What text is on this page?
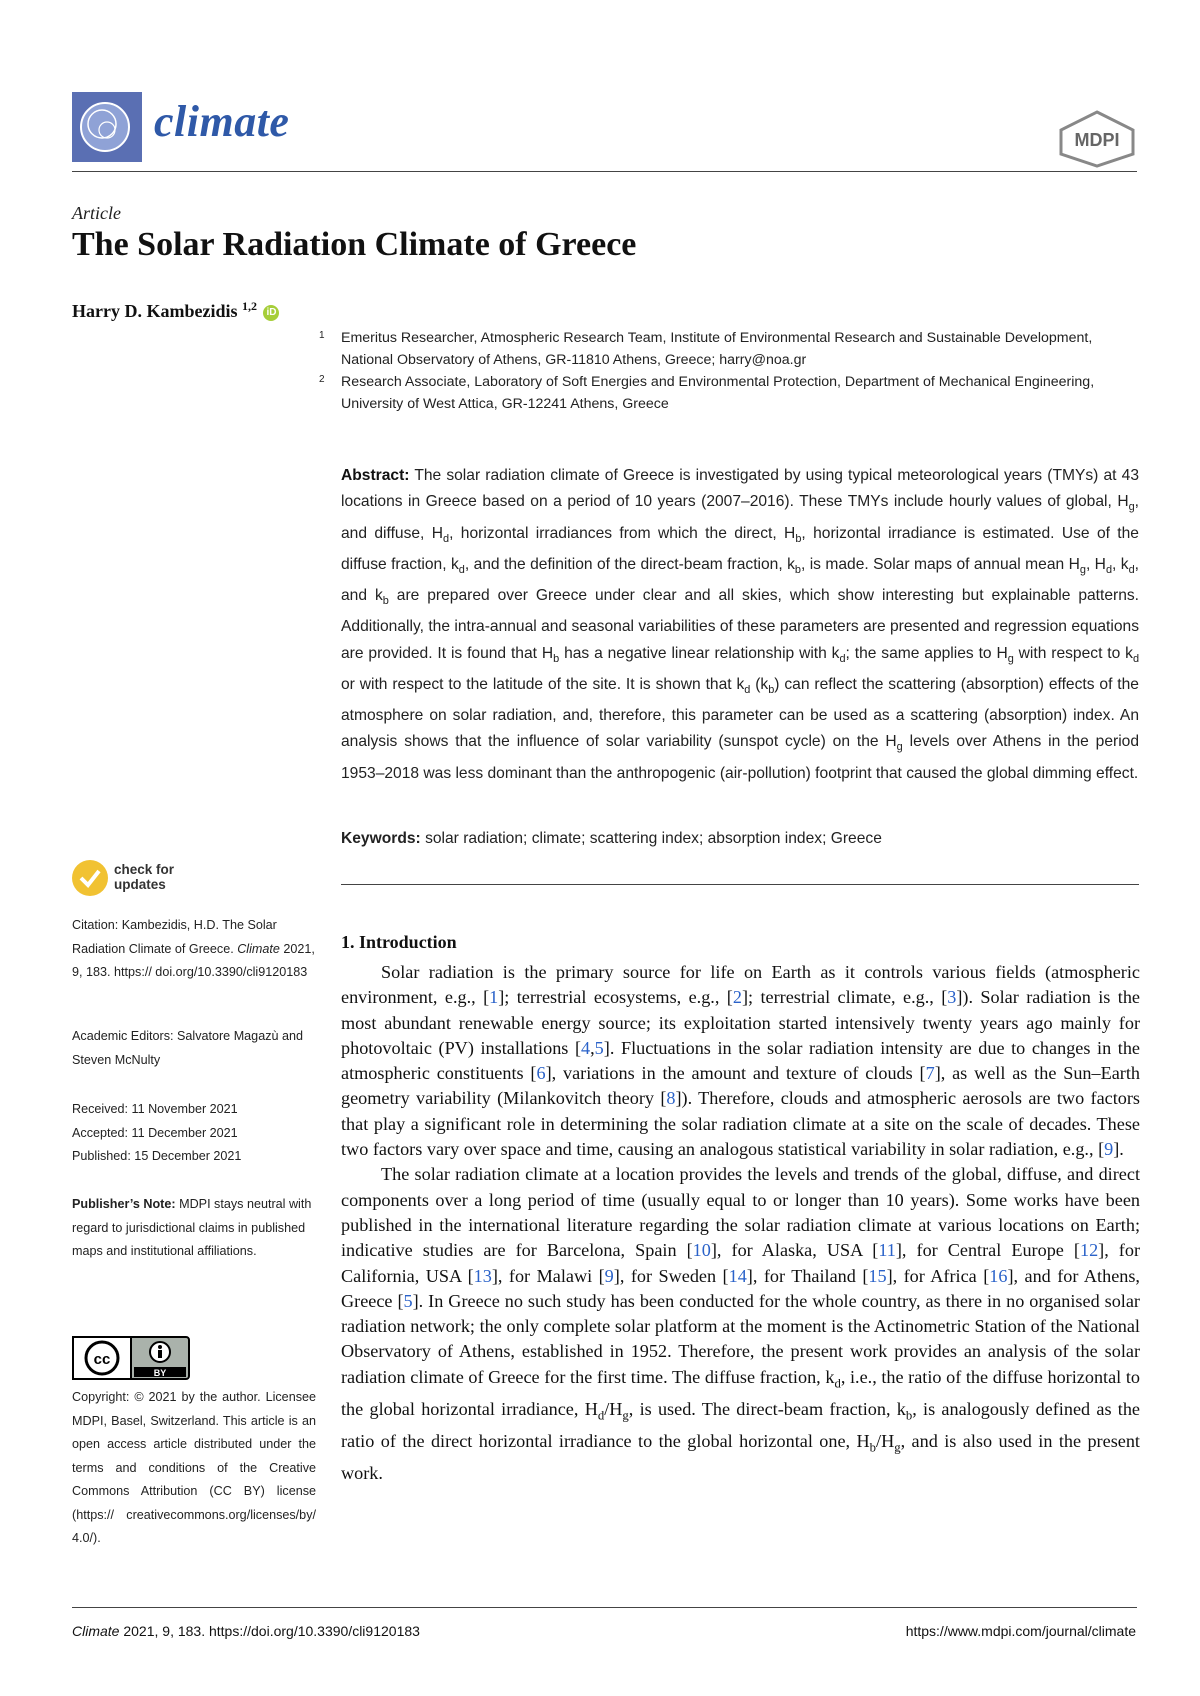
climate	MDPI
Article
The Solar Radiation Climate of Greece
Harry D. Kambezidis $^{1,2}$ iD
1 Emeritus Researcher, Atmospheric Research Team, Institute of Environmental Research and Sustainable Development, National Observatory of Athens, GR-11810 Athens, Greece; harry@noa.gr
2 Research Associate, Laboratory of Soft Energies and Environmental Protection, Department of Mechanical Engineering, University of West Attica, GR-12241 Athens, Greece
Abstract: The solar radiation climate of Greece is investigated by using typical meteorological years (TMYs) at 43 locations in Greece based on a period of 10 years (2007–2016). These TMYs include hourly values of global, $H_g$, and diffuse, $H_d$, horizontal irradiances from which the direct, $H_b$, horizontal irradiance is estimated. Use of the diffuse fraction, $k_d$, and the definition of the direct-beam fraction, $k_b$, is made. Solar maps of annual mean $H_g$, $H_d$, $k_d$, and $k_b$ are prepared over Greece under clear and all skies, which show interesting but explainable patterns. Additionally, the intra-annual and seasonal variabilities of these parameters are presented and regression equations are provided. It is found that $H_b$ has a negative linear relationship with $k_d$; the same applies to $H_g$ with respect to $k_d$ or with respect to the latitude of the site. It is shown that $k_d$ $(k_b)$ can reflect the scattering (absorption) effects of the atmosphere on solar radiation, and, therefore, this parameter can be used as a scattering (absorption) index. An analysis shows that the influence of solar variability (sunspot cycle) on the $H_g$ levels over Athens in the period 1953–2018 was less dominant than the anthropogenic (air-pollution) footprint that caused the global dimming effect.
Keywords: solar radiation; climate; scattering index; absorption index; Greece
check for
updates
Citation: Kambezidis, H.D. The Solar Radiation Climate of Greece. Climate 2021, 9, 183. https:// doi.org/10.3390/cli9120183
Academic Editors: Salvatore Magazù and Steven McNulty
Received: 11 November 2021
Accepted: 11 December 2021
Published: 15 December 2021
Publisher’s Note: MDPI stays neutral with regard to jurisdictional claims in published maps and institutional affiliations.
cc
BY
Copyright: © 2021 by the author. Licensee MDPI, Basel, Switzerland. This article is an open access article distributed under the terms and conditions of the Creative Commons Attribution (CC BY) license (https:// creativecommons.org/licenses/by/ 4.0/).
1. Introduction

Solar radiation is the primary source for life on Earth as it controls various fields (atmospheric environment, e.g., [1]; terrestrial ecosystems, e.g., [2]; terrestrial climate, e.g., [3]). Solar radiation is the most abundant renewable energy source; its exploitation started intensively twenty years ago mainly for photovoltaic (PV) installations [4,5]. Fluctuations in the solar radiation intensity are due to changes in the atmospheric constituents [6], variations in the amount and texture of clouds [7], as well as the Sun–Earth geometry variability (Milankovitch theory [8]). Therefore, clouds and atmospheric aerosols are two factors that play a significant role in determining the solar radiation climate at a site on the scale of decades. These two factors vary over space and time, causing an analogous statistical variability in solar radiation, e.g., [9].

The solar radiation climate at a location provides the levels and trends of the global, diffuse, and direct components over a long period of time (usually equal to or longer than 10 years). Some works have been published in the international literature regarding the solar radiation climate at various locations on Earth; indicative studies are for Barcelona, Spain [10], for Alaska, USA [11], for Central Europe [12], for California, USA [13], for Malawi [9], for Sweden [14], for Thailand [15], for Africa [16], and for Athens, Greece [5]. In Greece no such study has been conducted for the whole country, as there in no organised solar radiation network; the only complete solar platform at the moment is the Actinometric Station of the National Observatory of Athens, established in 1952. Therefore, the present work provides an analysis of the solar radiation climate of Greece for the first time. The diffuse fraction, $k_d$, i.e., the ratio of the diffuse horizontal to the global horizontal irradiance, $H_d/H_g$, is used. The direct-beam fraction, $k_b$, is analogously defined as the ratio of the direct horizontal irradiance to the global horizontal one, $H_b/H_g$, and is also used in the present work.

Climate 2021, 9, 183. https://doi.org/10.3390/cli9120183	https://www.mdpi.com/journal/climate
